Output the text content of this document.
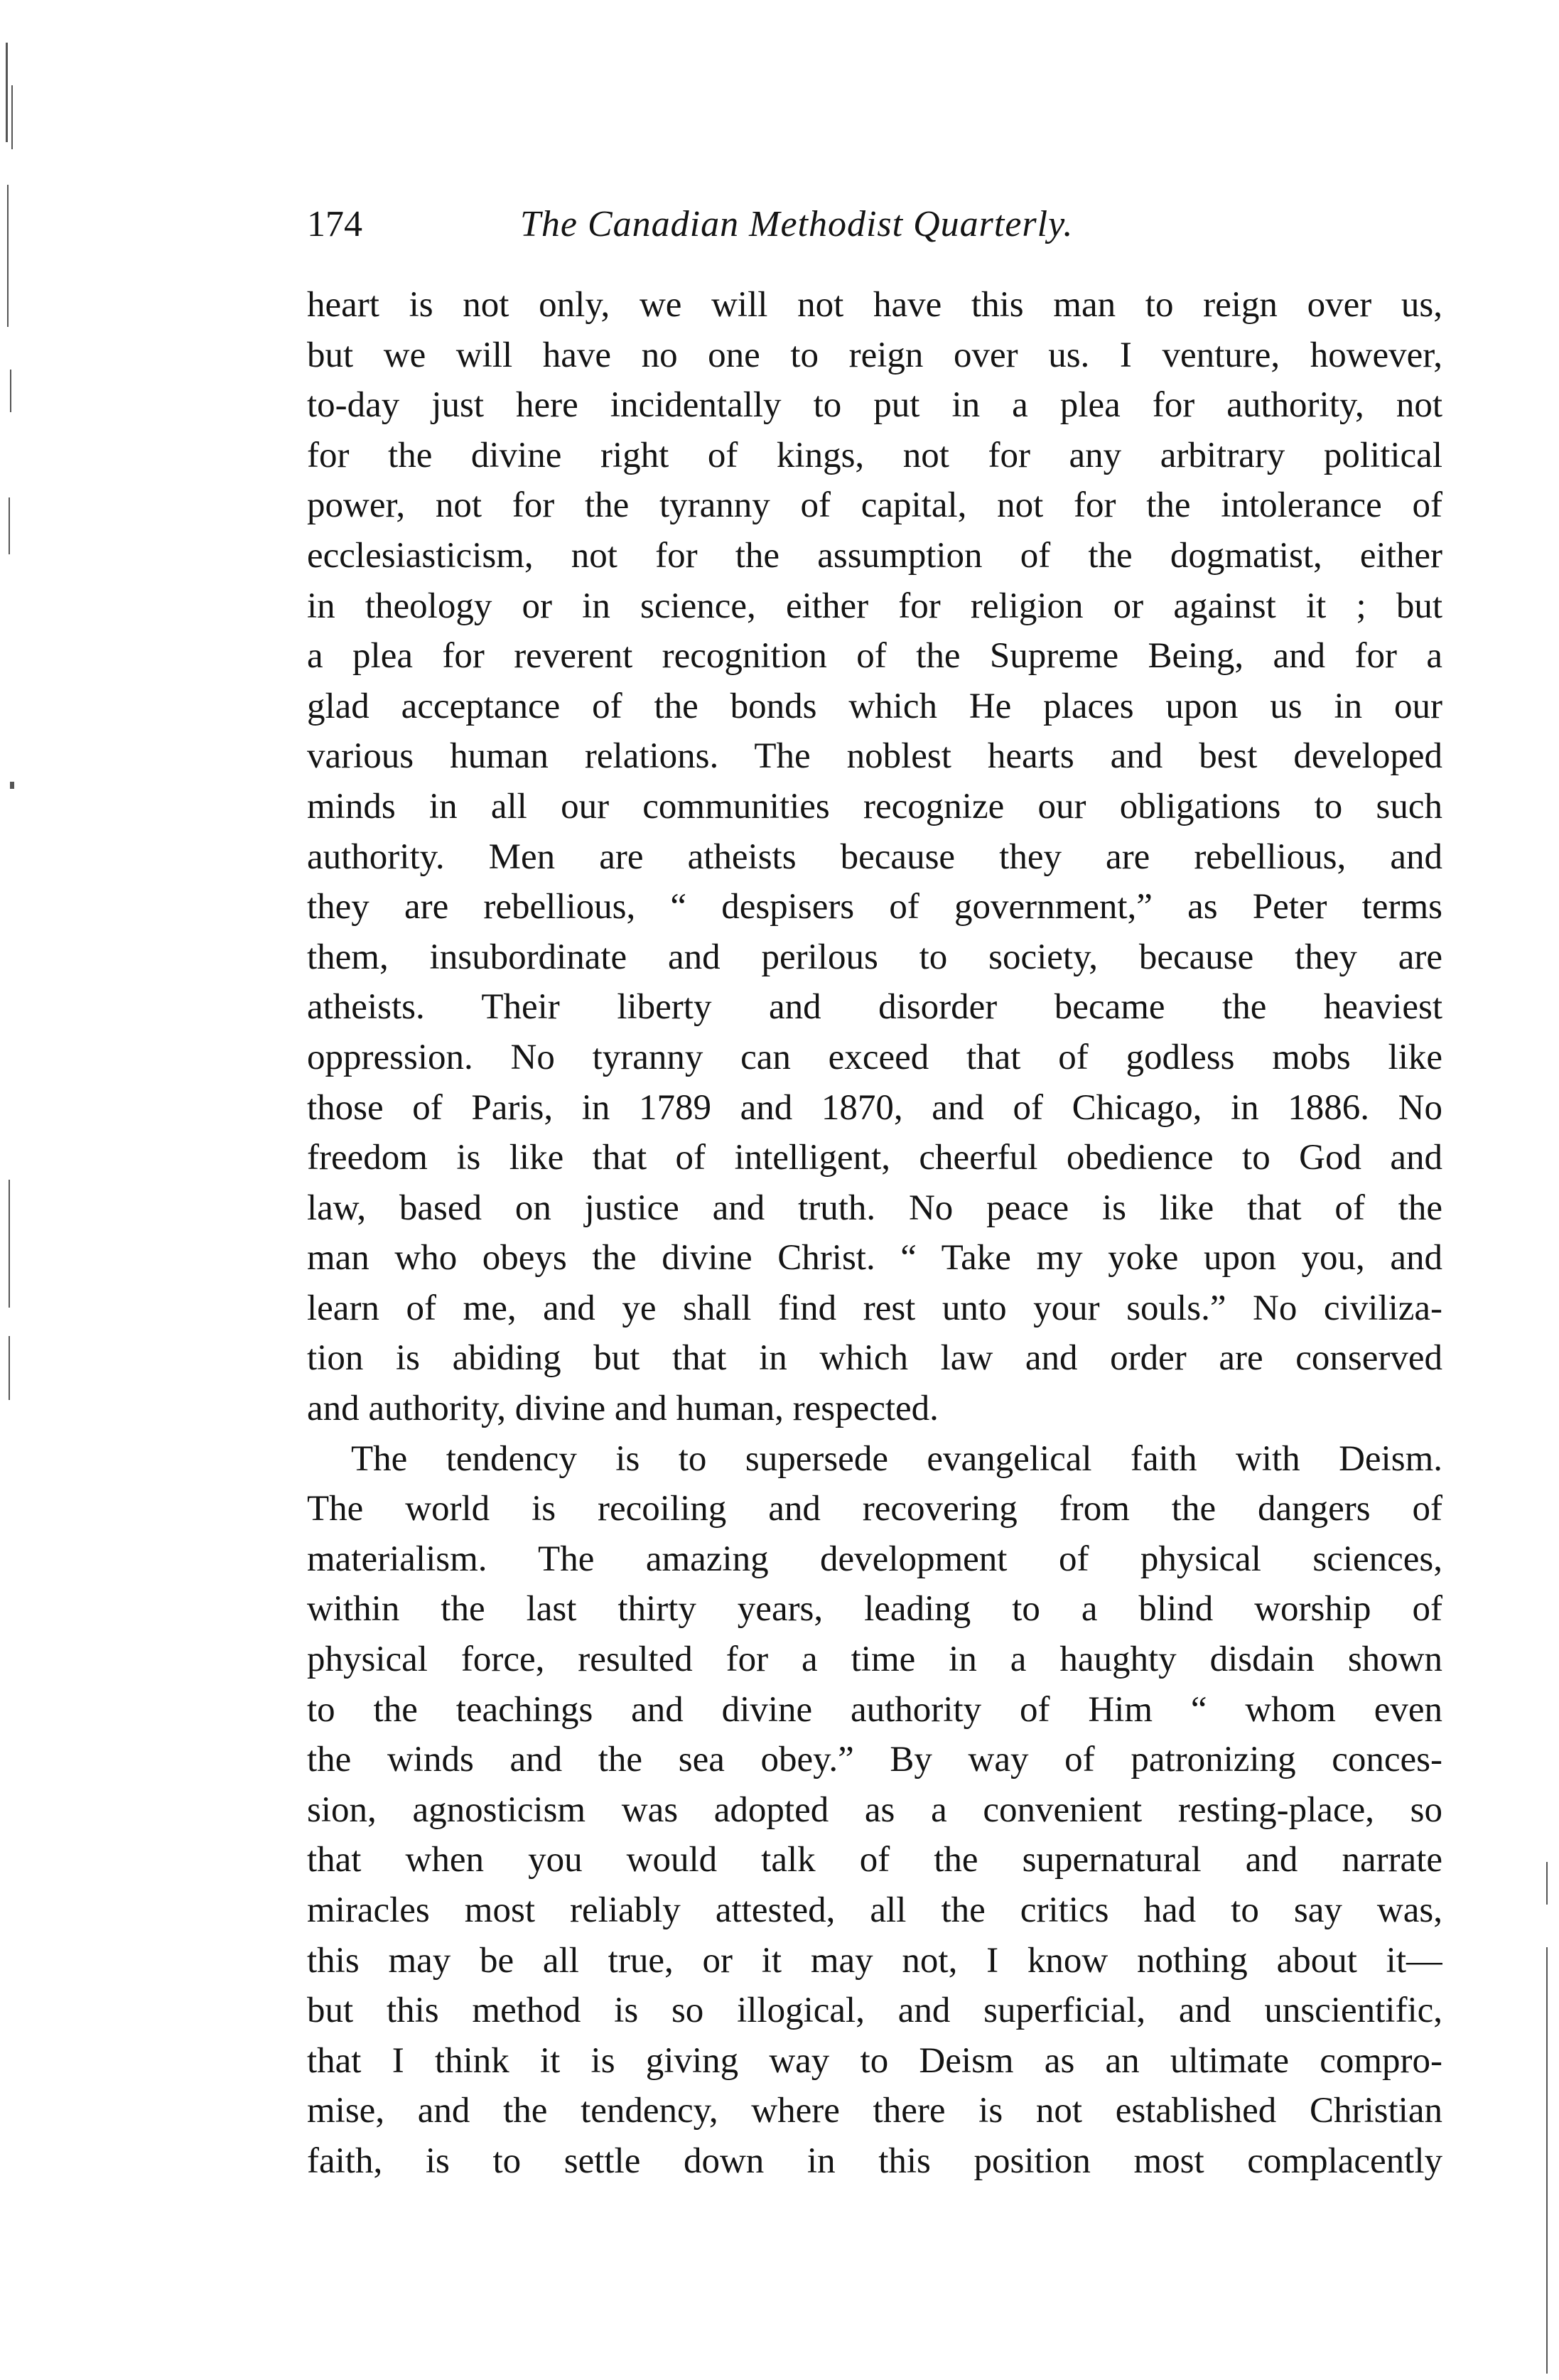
174	The Canadian Methodist Quarterly.

heart is not only, we will not have this man to reign over us,
but we will have no one to reign over us. I venture, however,
to-day just here incidentally to put in a plea for authority, not
for the divine right of kings, not for any arbitrary political
power, not for the tyranny of capital, not for the intolerance of
ecclesiasticism, not for the assumption of the dogmatist, either
in theology or in science, either for religion or against it ; but
a plea for reverent recognition of the Supreme Being, and for a
glad acceptance of the bonds which He places upon us in our
various human relations. The noblest hearts and best developed
minds in all our communities recognize our obligations to such
authority. Men are atheists because they are rebellious, and
they are rebellious, “ despisers of government,” as Peter terms
them, insubordinate and perilous to society, because they are
atheists. Their liberty and disorder became the heaviest
oppression. No tyranny can exceed that of godless mobs like
those of Paris, in 1789 and 1870, and of Chicago, in 1886. No
freedom is like that of intelligent, cheerful obedience to God and
law, based on justice and truth. No peace is like that of the
man who obeys the divine Christ. “ Take my yoke upon you, and
learn of me, and ye shall find rest unto your souls.” No civiliza-
tion is abiding but that in which law and order are conserved
and authority, divine and human, respected.

The tendency is to supersede evangelical faith with Deism.
The world is recoiling and recovering from the dangers of
materialism. The amazing development of physical sciences,
within the last thirty years, leading to a blind worship of
physical force, resulted for a time in a haughty disdain shown
to the teachings and divine authority of Him “ whom even
the winds and the sea obey.” By way of patronizing conces-
sion, agnosticism was adopted as a convenient resting-place, so
that when you would talk of the supernatural and narrate
miracles most reliably attested, all the critics had to say was,
this may be all true, or it may not, I know nothing about it—
but this method is so illogical, and superficial, and unscientific,
that I think it is giving way to Deism as an ultimate compro-
mise, and the tendency, where there is not established Christian
faith, is to settle down in this position most complacently
